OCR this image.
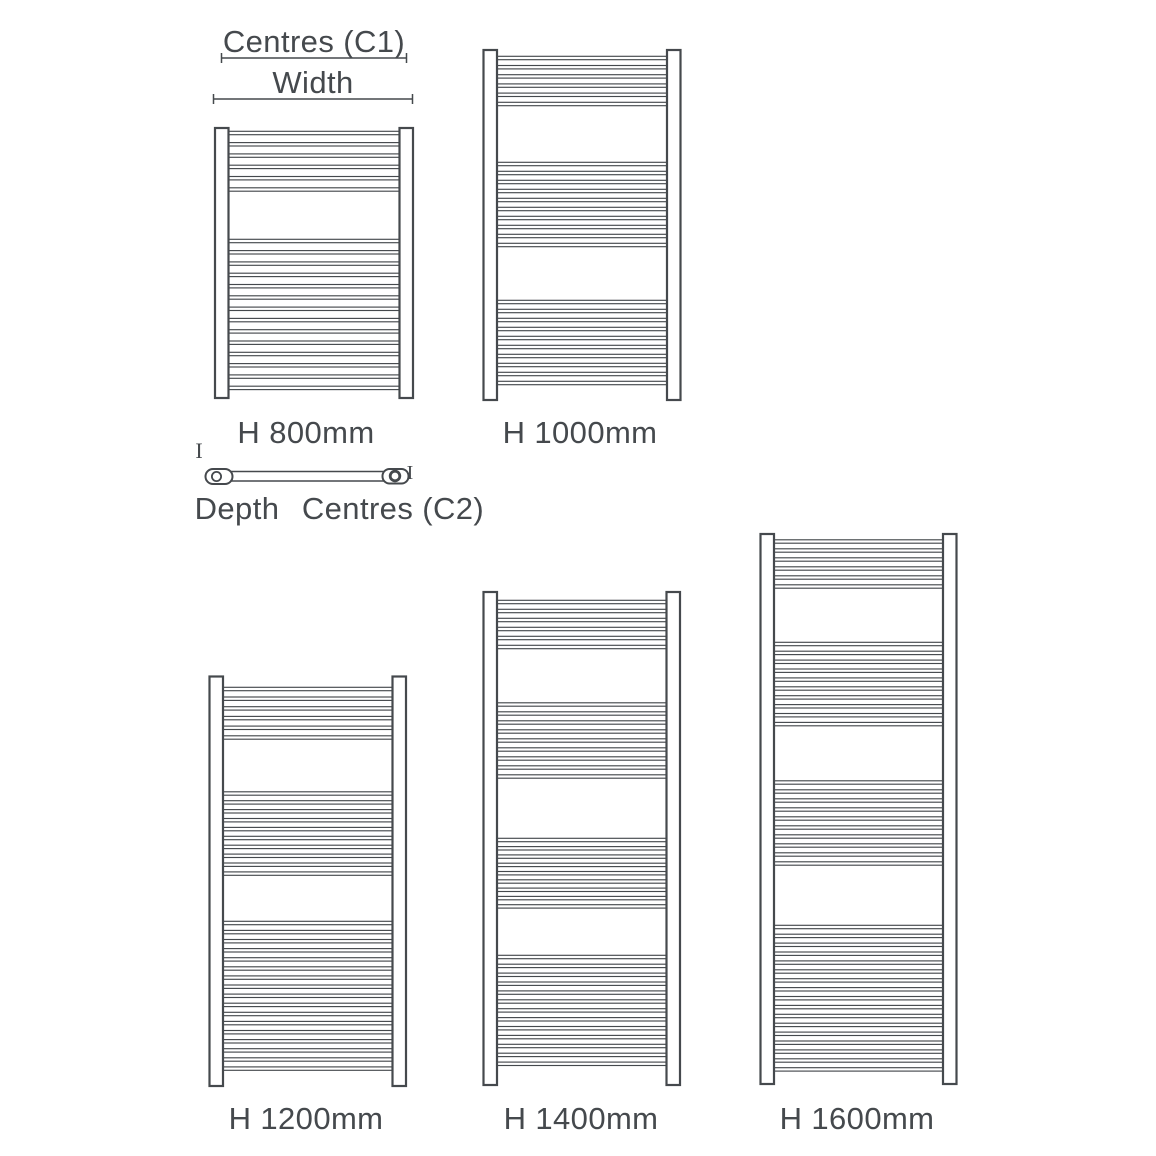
Centres (C1)
Width
H 800mm	H 1000mm
Depth Centres (C2)
H 1200mm	H 1400mm	H 1600mm
I
I
